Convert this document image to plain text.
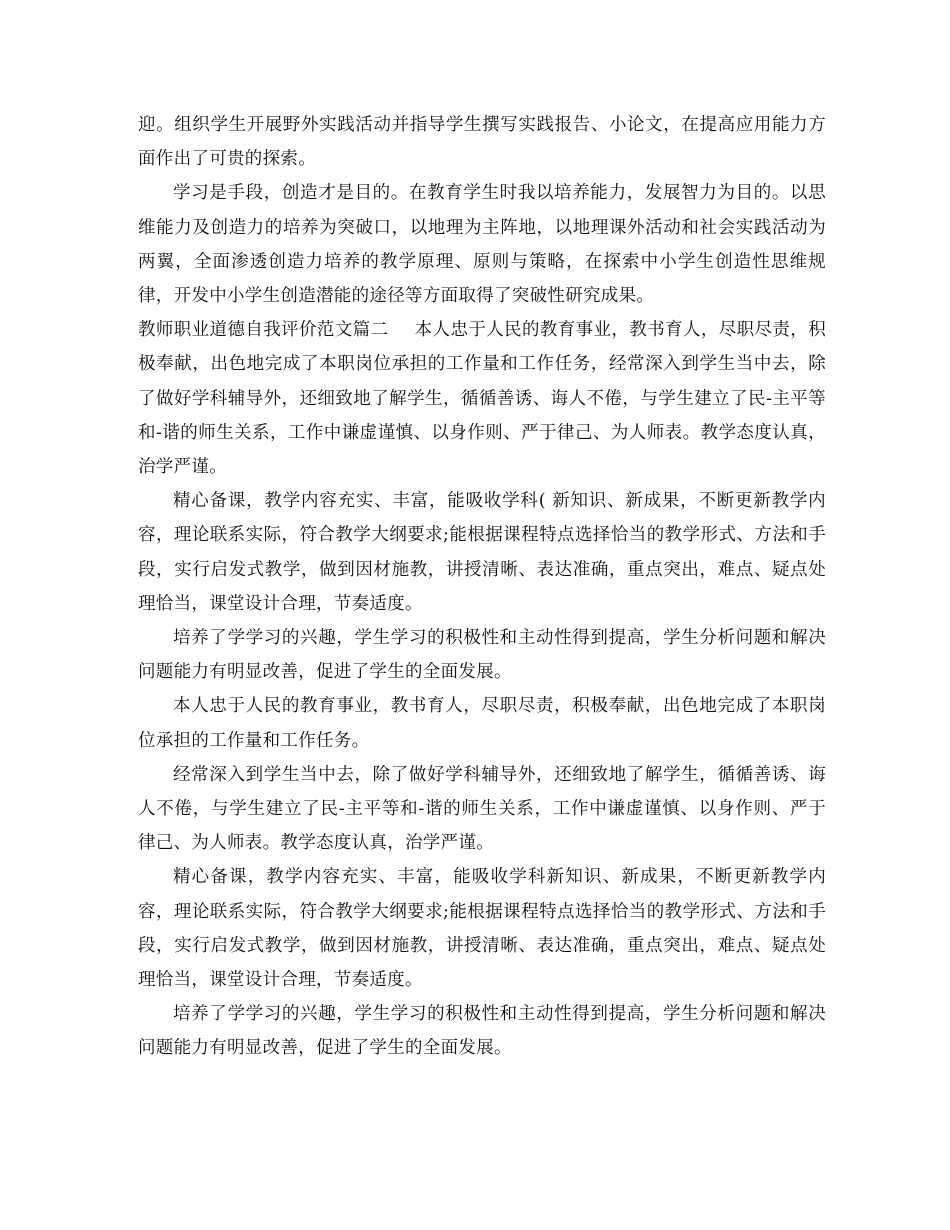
迎。组织学生开展野外实践活动并指导学生撰写实践报告、小论文，在提高应用能力方面作出了可贵的探索。

学习是手段，创造才是目的。在教育学生时我以培养能力，发展智力为目的。以思维能力及创造力的培养为突破口，以地理为主阵地，以地理课外活动和社会实践活动为两翼，全面渗透创造力培养的教学原理、原则与策略，在探索中小学生创造性思维规律，开发中小学生创造潜能的途径等方面取得了突破性研究成果。

教师职业道德自我评价范文篇二 本人忠于人民的教育事业，教书育人，尽职尽责，积极奉献，出色地完成了本职岗位承担的工作量和工作任务，经常深入到学生当中去，除了做好学科辅导外，还细致地了解学生，循循善诱、诲人不倦，与学生建立了民-主平等和-谐的师生关系，工作中谦虚谨慎、以身作则、严于律己、为人师表。教学态度认真，治学严谨。

精心备课，教学内容充实、丰富，能吸收学科( 新知识、新成果，不断更新教学内容，理论联系实际，符合教学大纲要求;能根据课程特点选择恰当的教学形式、方法和手段，实行启发式教学，做到因材施教，讲授清晰、表达准确，重点突出，难点、疑点处理恰当，课堂设计合理，节奏适度。

培养了学学习的兴趣，学生学习的积极性和主动性得到提高，学生分析问题和解决问题能力有明显改善，促进了学生的全面发展。

本人忠于人民的教育事业，教书育人，尽职尽责，积极奉献，出色地完成了本职岗位承担的工作量和工作任务。

经常深入到学生当中去，除了做好学科辅导外，还细致地了解学生，循循善诱、诲人不倦，与学生建立了民-主平等和-谐的师生关系，工作中谦虚谨慎、以身作则、严于律己、为人师表。教学态度认真，治学严谨。

精心备课，教学内容充实、丰富，能吸收学科新知识、新成果，不断更新教学内容，理论联系实际，符合教学大纲要求;能根据课程特点选择恰当的教学形式、方法和手段，实行启发式教学，做到因材施教，讲授清晰、表达准确，重点突出，难点、疑点处理恰当，课堂设计合理，节奏适度。

培养了学学习的兴趣，学生学习的积极性和主动性得到提高，学生分析问题和解决问题能力有明显改善，促进了学生的全面发展。
